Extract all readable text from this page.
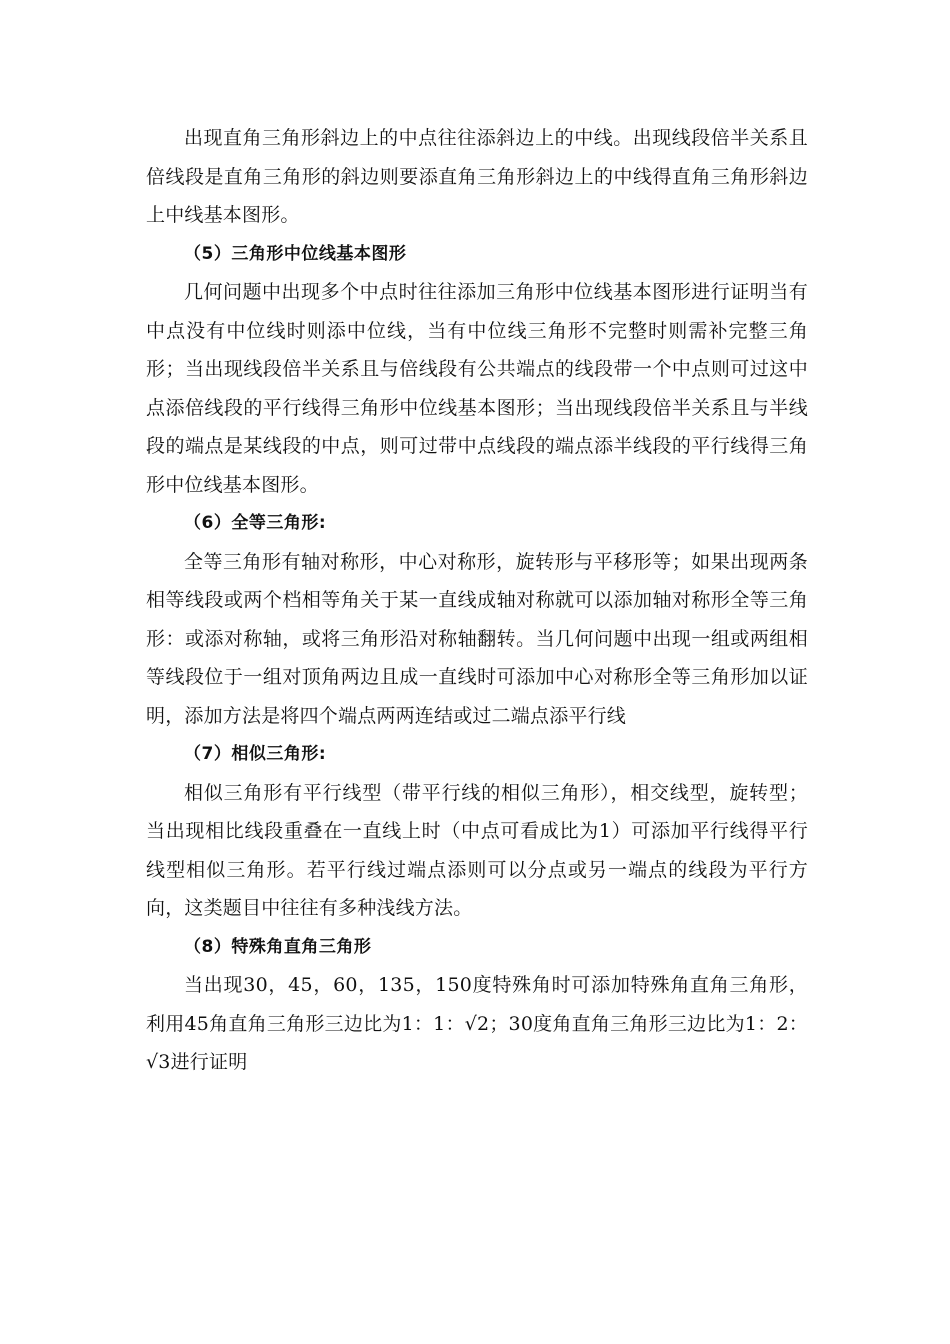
出现直角三角形斜边上的中点往往添斜边上的中线。出现线段倍半关系且倍线段是直角三角形的斜边则要添直角三角形斜边上的中线得直角三角形斜边上中线基本图形。

（5）三角形中位线基本图形

几何问题中出现多个中点时往往添加三角形中位线基本图形进行证明当有中点没有中位线时则添中位线，当有中位线三角形不完整时则需补完整三角形；当出现线段倍半关系且与倍线段有公共端点的线段带一个中点则可过这中点添倍线段的平行线得三角形中位线基本图形；当出现线段倍半关系且与半线段的端点是某线段的中点，则可过带中点线段的端点添半线段的平行线得三角形中位线基本图形。

（6）全等三角形:

全等三角形有轴对称形，中心对称形，旋转形与平移形等；如果出现两条相等线段或两个档相等角关于某一直线成轴对称就可以添加轴对称形全等三角形：或添对称轴，或将三角形沿对称轴翻转。当几何问题中出现一组或两组相等线段位于一组对顶角两边且成一直线时可添加中心对称形全等三角形加以证明，添加方法是将四个端点两两连结或过二端点添平行线

（7）相似三角形:

相似三角形有平行线型（带平行线的相似三角形），相交线型，旋转型；当出现相比线段重叠在一直线上时（中点可看成比为1）可添加平行线得平行线型相似三角形。若平行线过端点添则可以分点或另一端点的线段为平行方向，这类题目中往往有多种浅线方法。

（8）特殊角直角三角形

当出现30，45，60，135，150度特殊角时可添加特殊角直角三角形，利用45角直角三角形三边比为1：1：√2；30度角直角三角形三边比为1：2：√3进行证明
